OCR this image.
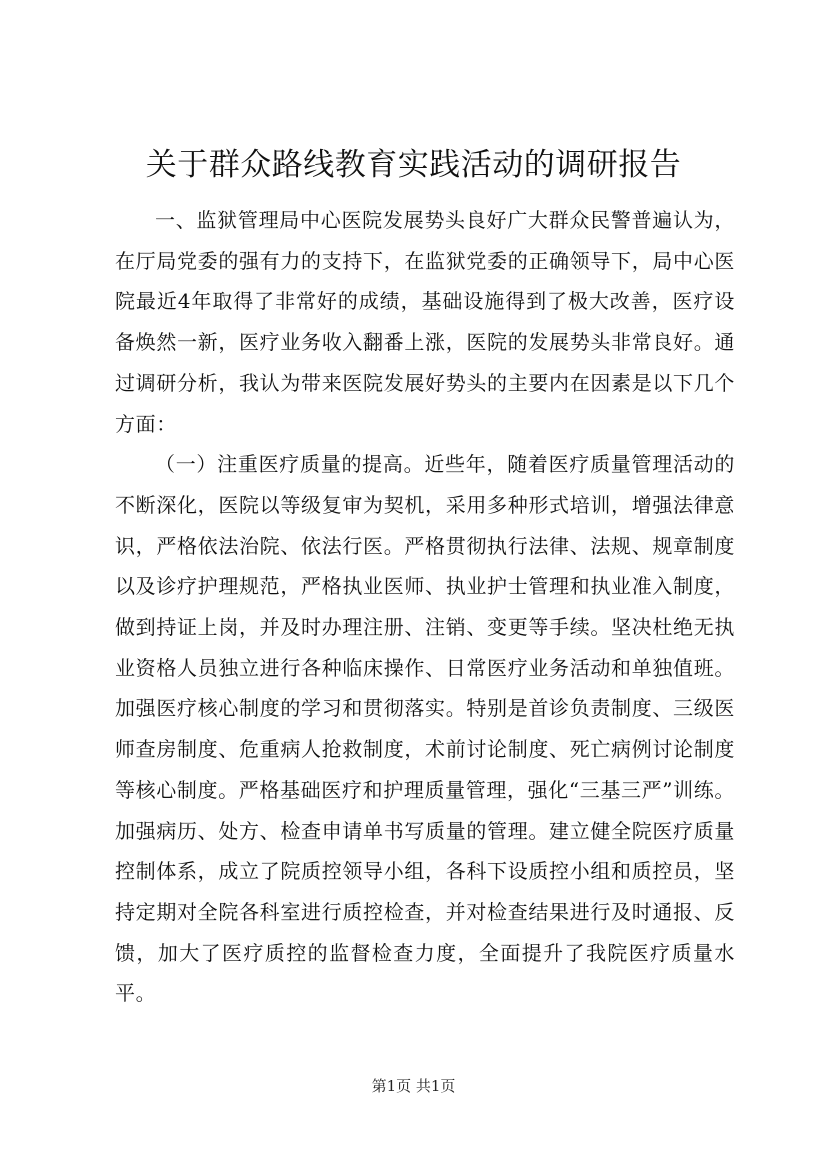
关于群众路线教育实践活动的调研报告

一、监狱管理局中心医院发展势头良好广大群众民警普遍认为，在厅局党委的强有力的支持下，在监狱党委的正确领导下，局中心医院最近4年取得了非常好的成绩，基础设施得到了极大改善，医疗设备焕然一新，医疗业务收入翻番上涨，医院的发展势头非常良好。通过调研分析，我认为带来医院发展好势头的主要内在因素是以下几个方面：

（一）注重医疗质量的提高。近些年，随着医疗质量管理活动的不断深化，医院以等级复审为契机，采用多种形式培训，增强法律意识，严格依法治院、依法行医。严格贯彻执行法律、法规、规章制度以及诊疗护理规范，严格执业医师、执业护士管理和执业准入制度，做到持证上岗，并及时办理注册、注销、变更等手续。坚决杜绝无执业资格人员独立进行各种临床操作、日常医疗业务活动和单独值班。加强医疗核心制度的学习和贯彻落实。特别是首诊负责制度、三级医师查房制度、危重病人抢救制度，术前讨论制度、死亡病例讨论制度等核心制度。严格基础医疗和护理质量管理，强化“三基三严”训练。加强病历、处方、检查申请单书写质量的管理。建立健全院医疗质量控制体系，成立了院质控领导小组，各科下设质控小组和质控员，坚持定期对全院各科室进行质控检查，并对检查结果进行及时通报、反馈，加大了医疗质控的监督检查力度，全面提升了我院医疗质量水平。

第1页 共1页
